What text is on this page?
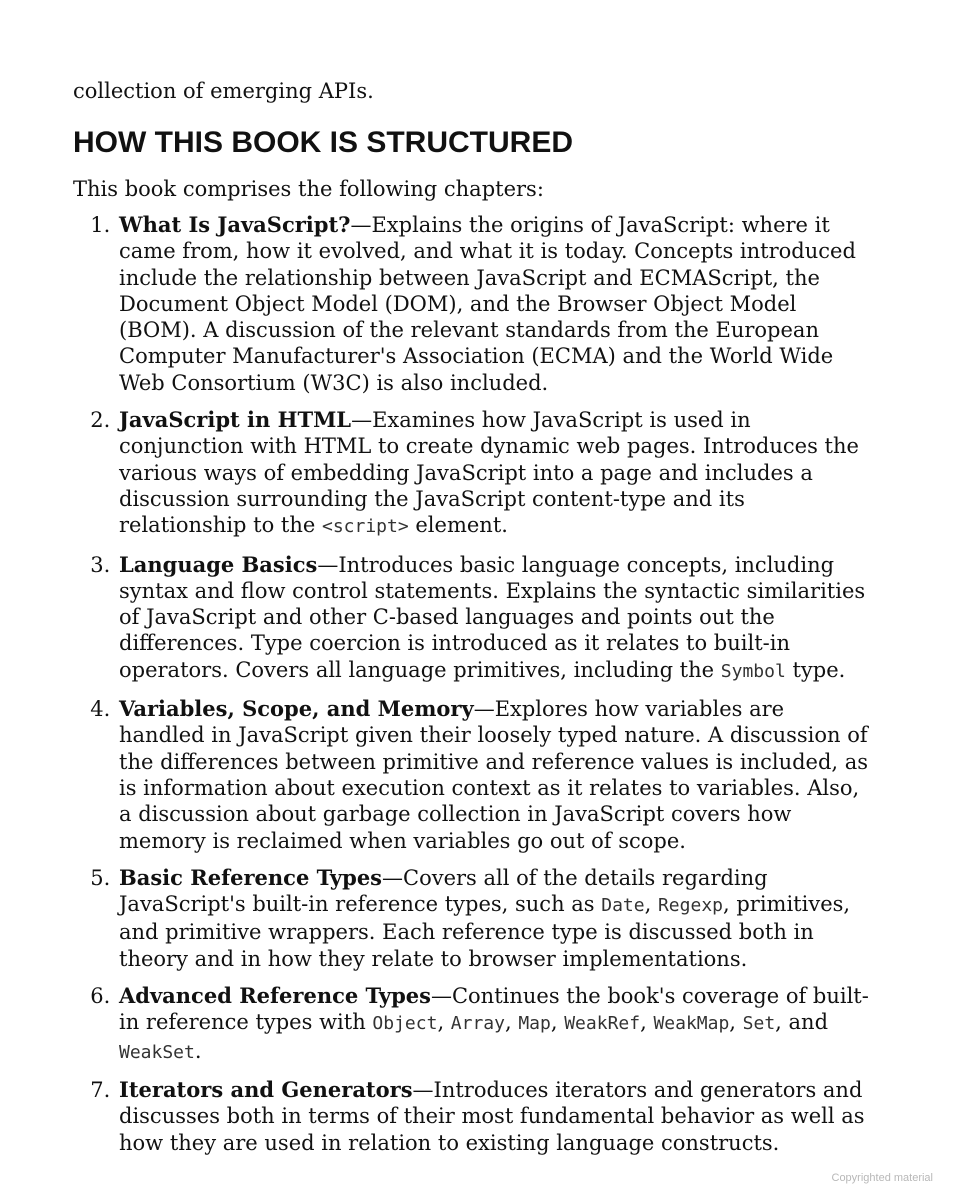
collection of emerging APIs.

HOW THIS BOOK IS STRUCTURED

This book comprises the following chapters:

1. What Is JavaScript?—Explains the origins of JavaScript: where it came from, how it evolved, and what it is today. Concepts introduced include the relationship between JavaScript and ECMAScript, the Document Object Model (DOM), and the Browser Object Model (BOM). A discussion of the relevant standards from the European Computer Manufacturer's Association (ECMA) and the World Wide Web Consortium (W3C) is also included.
2. JavaScript in HTML—Examines how JavaScript is used in conjunction with HTML to create dynamic web pages. Introduces the various ways of embedding JavaScript into a page and includes a discussion surrounding the JavaScript content-type and its relationship to the <script> element.
3. Language Basics—Introduces basic language concepts, including syntax and flow control statements. Explains the syntactic similarities of JavaScript and other C-based languages and points out the differences. Type coercion is introduced as it relates to built-in operators. Covers all language primitives, including the Symbol type.
4. Variables, Scope, and Memory—Explores how variables are handled in JavaScript given their loosely typed nature. A discussion of the differences between primitive and reference values is included, as is information about execution context as it relates to variables. Also, a discussion about garbage collection in JavaScript covers how memory is reclaimed when variables go out of scope.
5. Basic Reference Types—Covers all of the details regarding JavaScript's built-in reference types, such as Date, Regexp, primitives, and primitive wrappers. Each reference type is discussed both in theory and in how they relate to browser implementations.
6. Advanced Reference Types—Continues the book's coverage of built-in reference types with Object, Array, Map, WeakRef, WeakMap, Set, and WeakSet.
7. Iterators and Generators—Introduces iterators and generators and discusses both in terms of their most fundamental behavior as well as how they are used in relation to existing language constructs.
Copyrighted material
